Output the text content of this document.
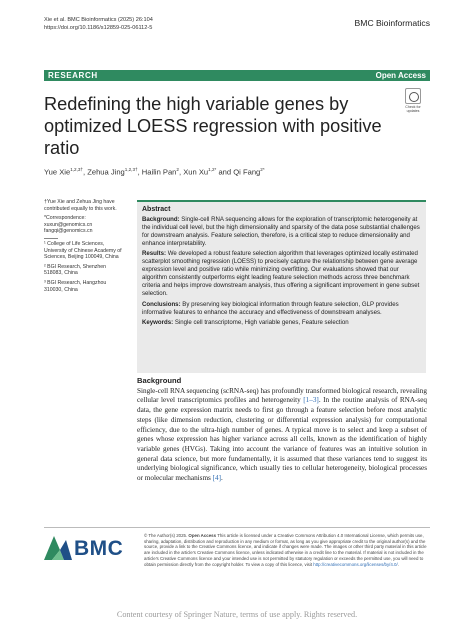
Xie et al. BMC Bioinformatics (2025) 26:104
https://doi.org/10.1186/s12859-025-06112-5	BMC Bioinformatics
RESEARCH	Open Access
Redefining the high variable genes by optimized LOESS regression with positive ratio
Check for
updates
Yue Xie$^{1,2,3\dagger}$, Zehua Jing$^{1,2,3\dagger}$, Hailin Pan$^2$, Xun $Xu^{1,2*}$ and Qi Fang$^{2*}$

†Yue Xie and Zehua Jing have contributed equally to this work.

*Correspondence:
xuxun@genomics.cn
fangqi@genomics.cn

¹ College of Life Sciences, University of Chinese Academy of Sciences, Beijing 100049, China

² BGI Research, Shenzhen 518083, China

³ BGI Research, Hangzhou 310030, China

Abstract

Background: Single-cell RNA sequencing allows for the exploration of transcriptomic heterogeneity at the individual cell level, but the high dimensionality and sparsity of the data pose substantial challenges for downstream analysis. Feature selection, therefore, is a critical step to reduce dimensionality and enhance interpretability.

Results: We developed a robust feature selection algorithm that leverages optimized locally estimated scatterplot smoothing regression (LOESS) to precisely capture the relationship between gene average expression level and positive ratio while minimizing overfitting. Our evaluations showed that our algorithm consistently outperforms eight leading feature selection methods across three benchmark criteria and helps improve downstream analysis, thus offering a significant improvement in gene subset selection.

Conclusions: By preserving key biological information through feature selection, GLP provides informative features to enhance the accuracy and effectiveness of downstream analyses.

Keywords: Single cell transcriptome, High variable genes, Feature selection

Background

Single-cell RNA sequencing (scRNA-seq) has profoundly transformed biological research, revealing cellular level transcriptomics profiles and heterogeneity [1–3]. In the routine analysis of RNA-seq data, the gene expression matrix needs to first go through a feature selection before most analytic steps (like dimension reduction, clustering or differential expression analysis) for computational efficiency, due to the ultra-high number of genes. A typical move is to select and keep a subset of genes whose expression has higher variance across all cells, known as the identification of highly variable genes (HVGs). Taking into account the variance of features was an intuitive solution in general data science, but more fundamentally, it is assumed that these variances tend to suggest its underlying biological significance, which usually ties to cellular heterogeneity, biological processes or molecular mechanisms [4].

BMC
© The Author(s) 2025. Open Access This article is licensed under a Creative Commons Attribution 4.0 International License, which permits use, sharing, adaptation, distribution and reproduction in any medium or format, as long as you give appropriate credit to the original author(s) and the source, provide a link to the Creative Commons licence, and indicate if changes were made. The images or other third party material in this article are included in the article's Creative Commons licence, unless indicated otherwise in a credit line to the material. If material is not included in the article's Creative Commons licence and your intended use is not permitted by statutory regulation or exceeds the permitted use, you will need to obtain permission directly from the copyright holder. To view a copy of this licence, visit http://creativecommons.org/licenses/by/4.0/.
Content courtesy of Springer Nature, terms of use apply. Rights reserved.
